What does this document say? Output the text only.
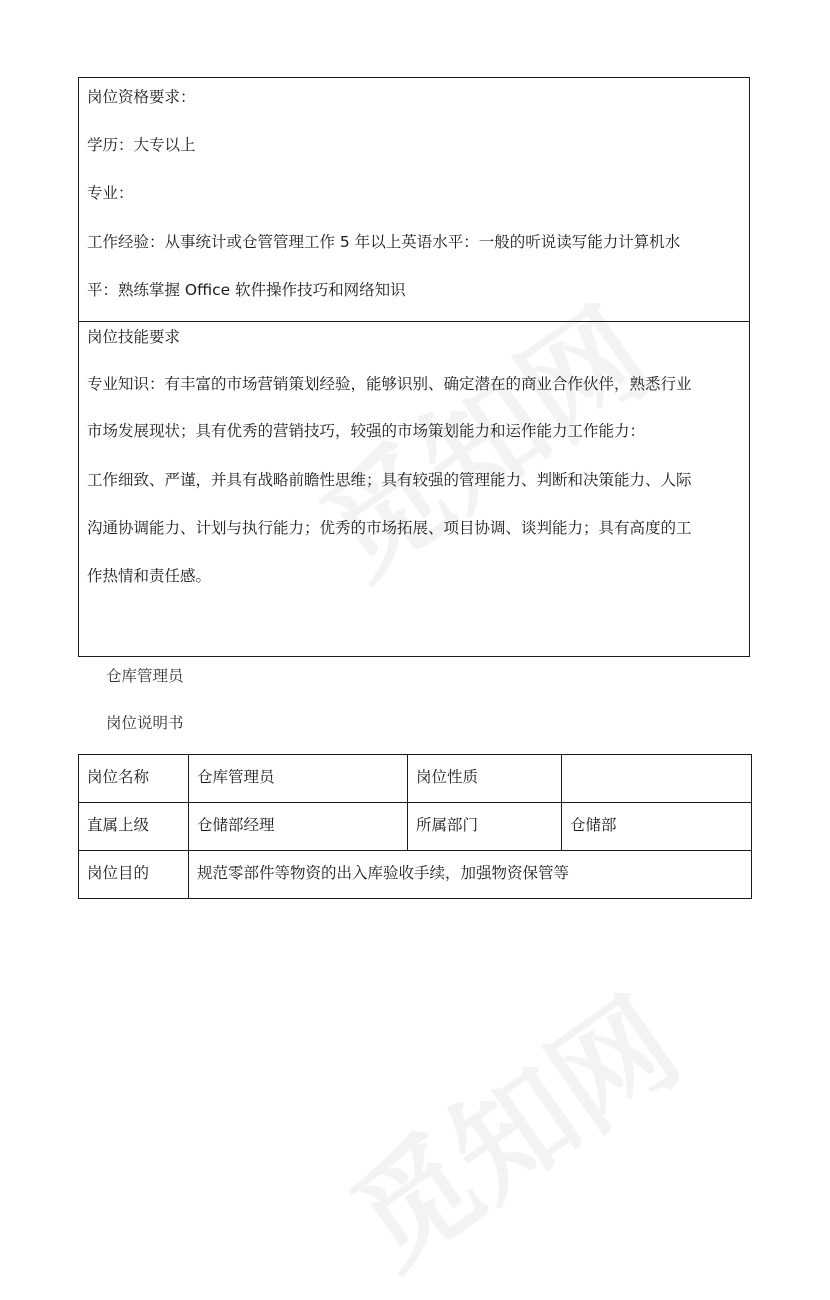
岗位资格要求：
学历：大专以上
专业：
工作经验：从事统计或仓管管理工作 5 年以上英语水平：一般的听说读写能力计算机水
平：熟练掌握 Office 软件操作技巧和网络知识
岗位技能要求
专业知识：有丰富的市场营销策划经验，能够识别、确定潜在的商业合作伙伴，熟悉行业
市场发展现状；具有优秀的营销技巧，较强的市场策划能力和运作能力工作能力：
工作细致、严谨，并具有战略前瞻性思维；具有较强的管理能力、判断和决策能力、人际
沟通协调能力、计划与执行能力；优秀的市场拓展、项目协调、谈判能力；具有高度的工
作热情和责任感。
仓库管理员
岗位说明书
岗位名称	仓库管理员	岗位性质	
直属上级	仓储部经理	所属部门	仓储部
岗位目的	规范零部件等物资的出入库验收手续，加强物资保管等		
